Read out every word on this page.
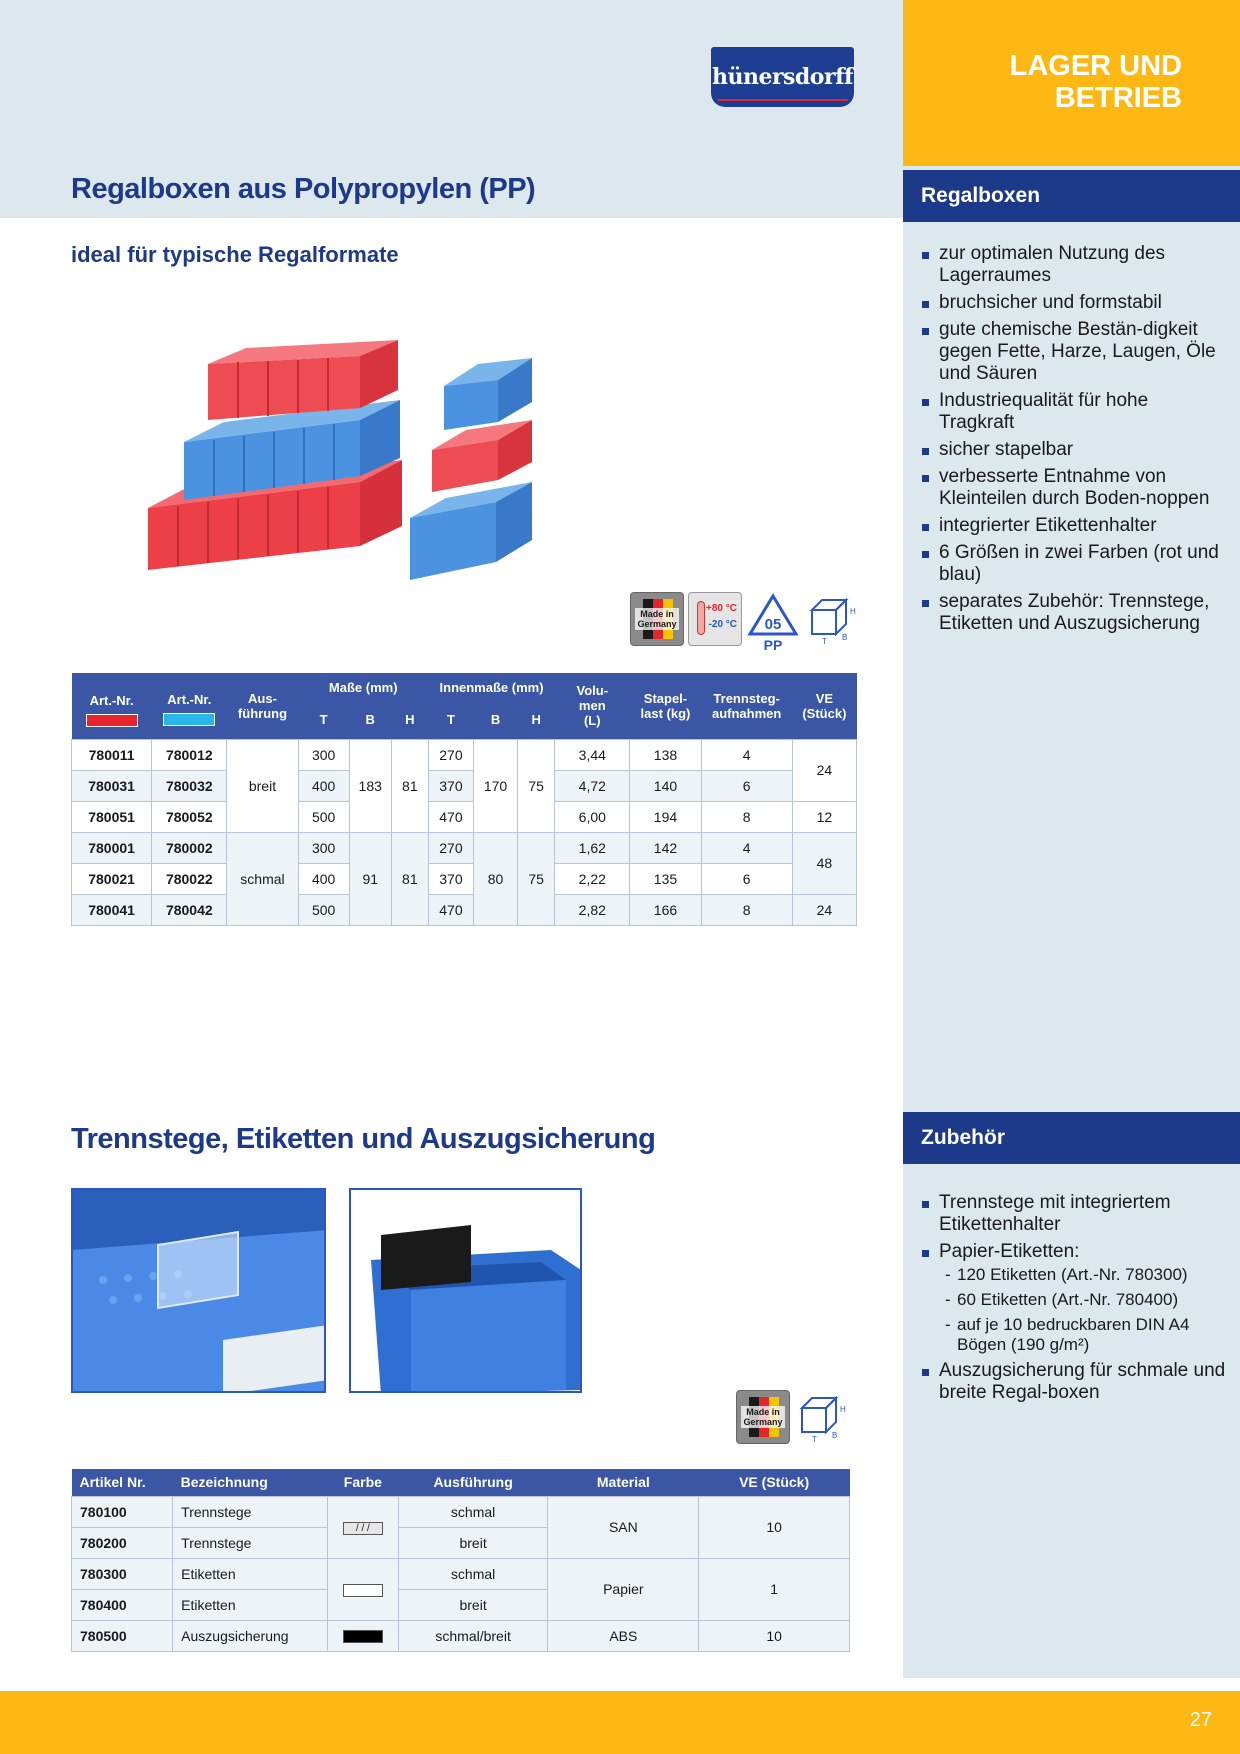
LAGER UND
BETRIEB
hünersdorff
Regalboxen aus Polypropylen (PP)
ideal für typische Regalformate
Made in
Germany
+80 °C
-20 °C 05
PP	T B
H
Art.-Nr.	Art.-Nr.	Aus-
führung	Maße (mm)			Innenmaße (mm)			Volu-
men
(L)	Stapel-
last (kg)	Trennsteg-
aufnahmen	VE
(Stück)
			T	B	H	T	B	H				
780011	780012	breit	300	183	81	270	170	75	3,44	138	4	24
780031	780032		400			370			4,72	140	6	
780051	780052		500			470			6,00	194	8	12
780001	780002	schmal	300	91	81	270	80	75	1,62	142	4	48
780021	780022		400			370			2,22	135	6	
780041	780042		500			470			2,82	166	8	24
Regalboxen
zur optimalen Nutzung des Lagerraumes
bruchsicher und formstabil
gute chemische Bestän-digkeit gegen Fette, Harze, Laugen, Öle und Säuren
Industriequalität für hohe Tragkraft
sicher stapelbar
verbesserte Entnahme von Kleinteilen durch Boden-noppen
integrierter Etikettenhalter
6 Größen in zwei Farben (rot und blau)
separates Zubehör: Trennstege, Etiketten und Auszugsicherung
Trennstege, Etiketten und Auszugsicherung
Made in
Germany
T B
H
Artikel Nr.	Bezeichnung	Farbe	Ausführung	Material	VE (Stück)
780100	Trennstege	/ / /	schmal	SAN	10
780200	Trennstege		breit		
780300	Etiketten		schmal	Papier	1
780400	Etiketten		breit		
780500	Auszugsicherung		schmal/breit	ABS	10
Zubehör
Trennstege mit integriertem Etikettenhalter
Papier-Etiketten:
- 120 Etiketten (Art.-Nr. 780300)
- 60 Etiketten (Art.-Nr. 780400)
- auf je 10 bedruckbaren DIN A4 Bögen (190 g/m²)
Auszugsicherung für schmale und breite Regal-boxen
27
